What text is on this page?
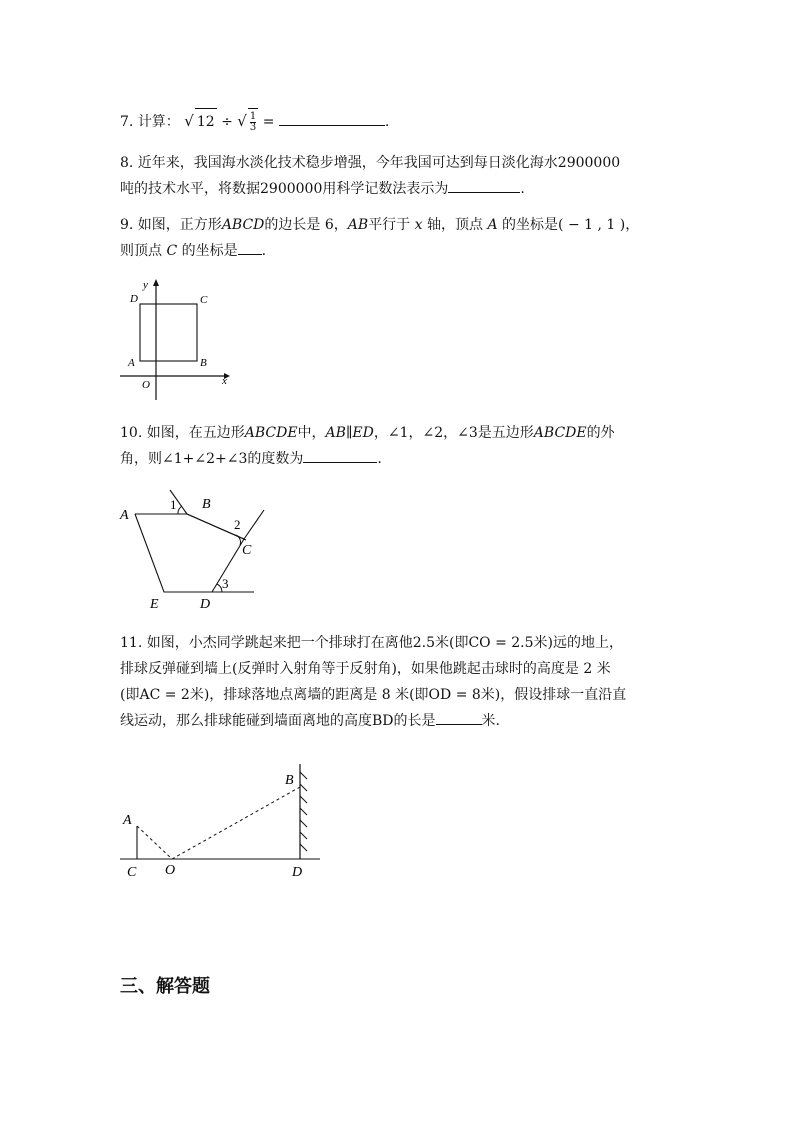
7. 计算： √ 12 ÷ √ $\frac{1}{3}$ =	.
8. 近年来，我国海水淡化技术稳步增强，今年我国可达到每日淡化海水2900000
吨的技术水平，将数据2900000用科学记数法表示为	.
9. 如图，正方形ABCD的边长是 6，AB平行于 x 轴，顶点 A 的坐标是( − 1 , 1 )，
则顶点 C 的坐标是 .
y
D	C
A	B
O	x
10. 如图，在五边形ABCDE中，AB∥ED，∠1，∠2，∠3是五边形ABCDE的外
角，则∠1+∠2+∠3的度数为	.
A
1 B
2
C
3
E	D
11. 如图，小杰同学跳起来把一个排球打在离他2.5米(即CO = 2.5米)远的地上，
排球反弹碰到墙上(反弹时入射角等于反射角)，如果他跳起击球时的高度是 2 米
(即AC = 2米)，排球落地点离墙的距离是 8 米(即OD = 8米)，假设排球一直沿直
线运动，那么排球能碰到墙面离地的高度BD的长是	米.
B
A
C O	D
三、解答题
